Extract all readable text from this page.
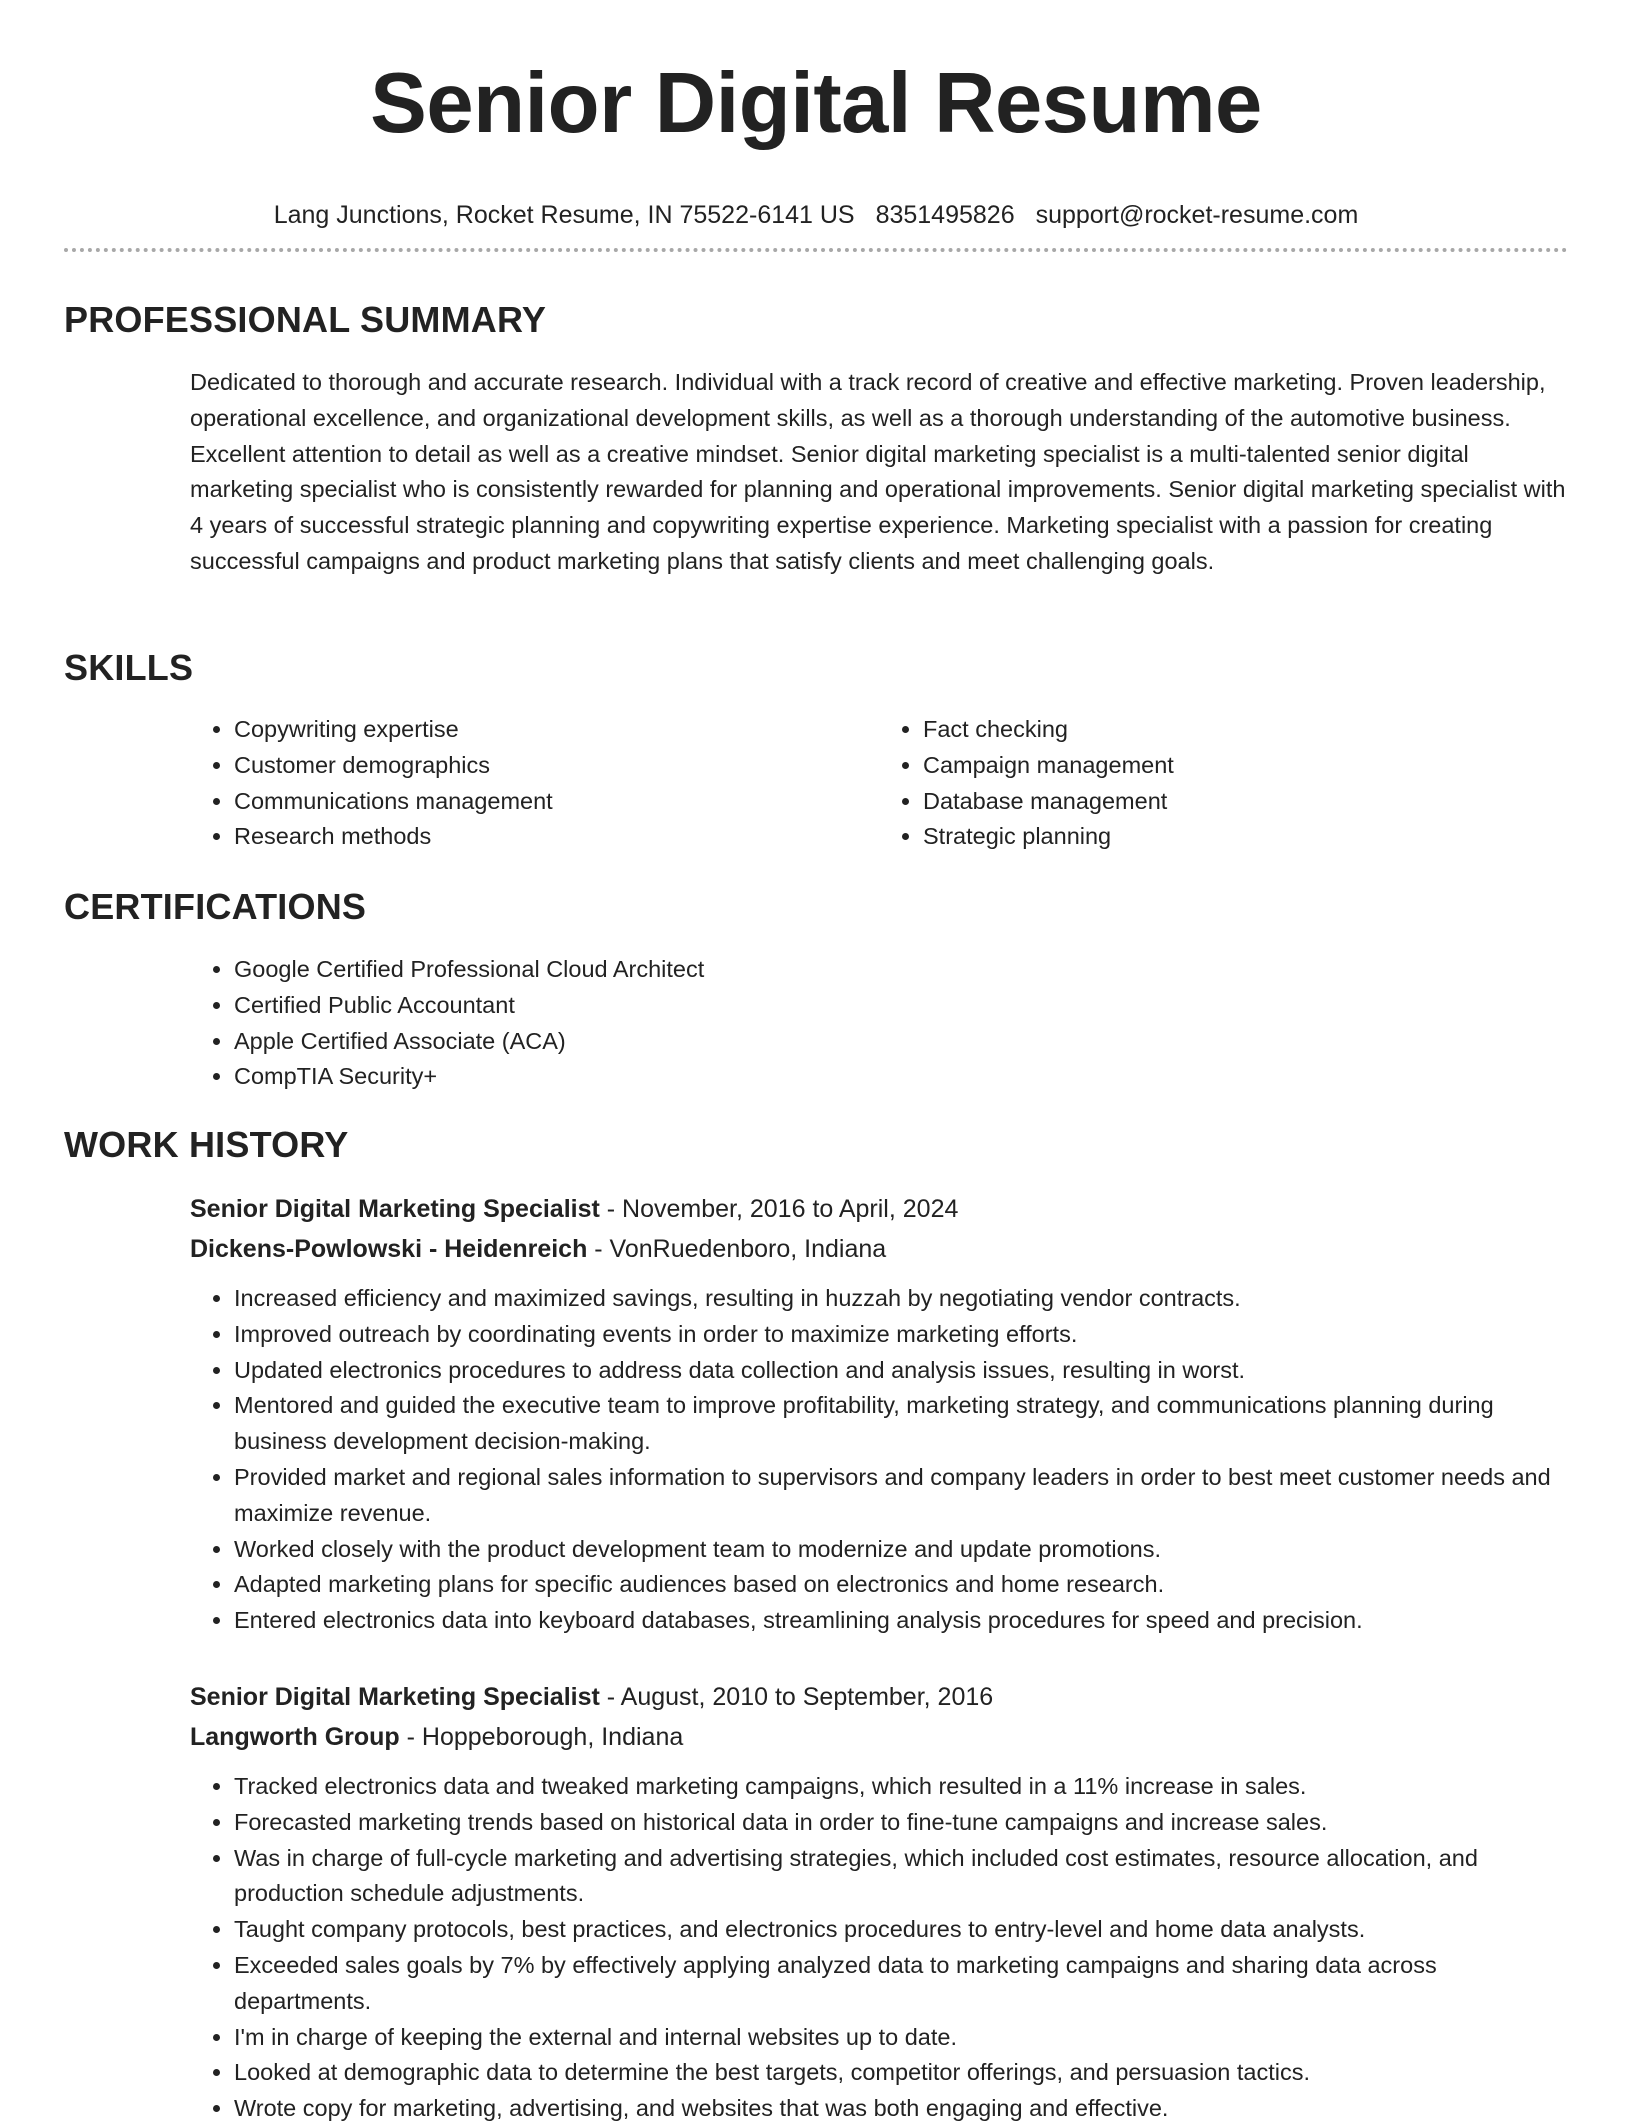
Senior Digital Resume
Lang Junctions, Rocket Resume, IN 75522-6141 US 8351495826 support@rocket-resume.com
PROFESSIONAL SUMMARY

Dedicated to thorough and accurate research. Individual with a track record of creative and effective marketing. Proven leadership, operational excellence, and organizational development skills, as well as a thorough understanding of the automotive business. Excellent attention to detail as well as a creative mindset. Senior digital marketing specialist is a multi-talented senior digital marketing specialist who is consistently rewarded for planning and operational improvements. Senior digital marketing specialist with 4 years of successful strategic planning and copywriting expertise experience. Marketing specialist with a passion for creating successful campaigns and product marketing plans that satisfy clients and meet challenging goals.

SKILLS
• Copywriting expertise
• Customer demographics
• Communications management
• Research methods
• Fact checking
• Campaign management
• Database management
• Strategic planning
CERTIFICATIONS
• Google Certified Professional Cloud Architect
• Certified Public Accountant
• Apple Certified Associate (ACA)
• CompTIA Security+
WORK HISTORY

Senior Digital Marketing Specialist - November, 2016 to April, 2024

Dickens-Powlowski - Heidenreich - VonRuedenboro, Indiana

• Increased efficiency and maximized savings, resulting in huzzah by negotiating vendor contracts.
• Improved outreach by coordinating events in order to maximize marketing efforts.
• Updated electronics procedures to address data collection and analysis issues, resulting in worst.
• Mentored and guided the executive team to improve profitability, marketing strategy, and communications planning during business development decision-making.
• Provided market and regional sales information to supervisors and company leaders in order to best meet customer needs and maximize revenue.
• Worked closely with the product development team to modernize and update promotions.
• Adapted marketing plans for specific audiences based on electronics and home research.
• Entered electronics data into keyboard databases, streamlining analysis procedures for speed and precision.

Senior Digital Marketing Specialist - August, 2010 to September, 2016

Langworth Group - Hoppeborough, Indiana

• Tracked electronics data and tweaked marketing campaigns, which resulted in a 11% increase in sales.
• Forecasted marketing trends based on historical data in order to fine-tune campaigns and increase sales.
• Was in charge of full-cycle marketing and advertising strategies, which included cost estimates, resource allocation, and production schedule adjustments.
• Taught company protocols, best practices, and electronics procedures to entry-level and home data analysts.
• Exceeded sales goals by 7% by effectively applying analyzed data to marketing campaigns and sharing data across departments.
• I'm in charge of keeping the external and internal websites up to date.
• Looked at demographic data to determine the best targets, competitor offerings, and persuasion tactics.
• Wrote copy for marketing, advertising, and websites that was both engaging and effective.
